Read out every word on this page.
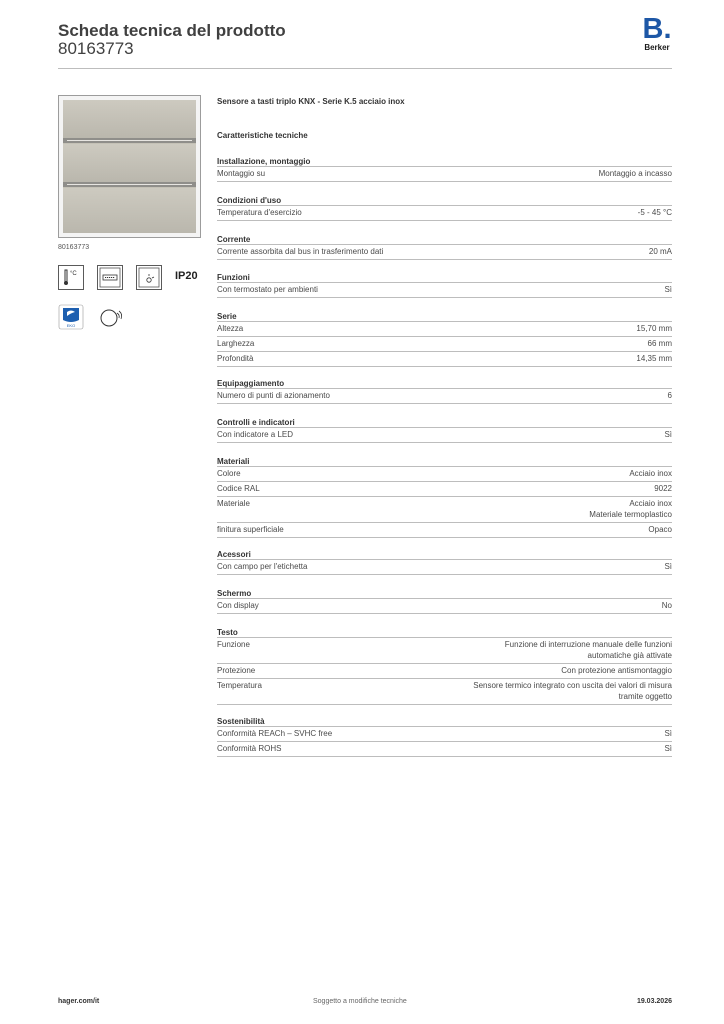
Scheda tecnica del prodotto
80163773
B.
Berker
80163773
°C	IP20
EKO
Sensore a tasti triplo KNX - Serie K.5 acciaio inox
Caratteristiche tecniche
Installazione, montaggio
Montaggio su	Montaggio a incasso
Condizioni d'uso
Temperatura d'esercizio	-5 - 45 °C
Corrente
Corrente assorbita dal bus in trasferimento dati	20 mA
Funzioni
Con termostato per ambienti	Sì
Serie
Altezza	15,70 mm
Larghezza	66 mm
Profondità	14,35 mm
Equipaggiamento
Numero di punti di azionamento	6
Controlli e indicatori
Con indicatore a LED	Sì
Materiali
Colore	Acciaio inox
Codice RAL	9022
Materiale	Acciaio inox
Materiale termoplastico
finitura superficiale	Opaco
Acessori
Con campo per l'etichetta	Sì
Schermo
Con display	No
Testo
Funzione	Funzione di interruzione manuale delle funzioni
automatiche già attivate
Protezione	Con protezione antismontaggio
Temperatura	Sensore termico integrato con uscita dei valori di misura
tramite oggetto
Sostenibilità
Conformità REACh – SVHC free	Sì
Conformità ROHS	Sì
hager.com/it	Soggetto a modifiche tecniche	19.03.2026
